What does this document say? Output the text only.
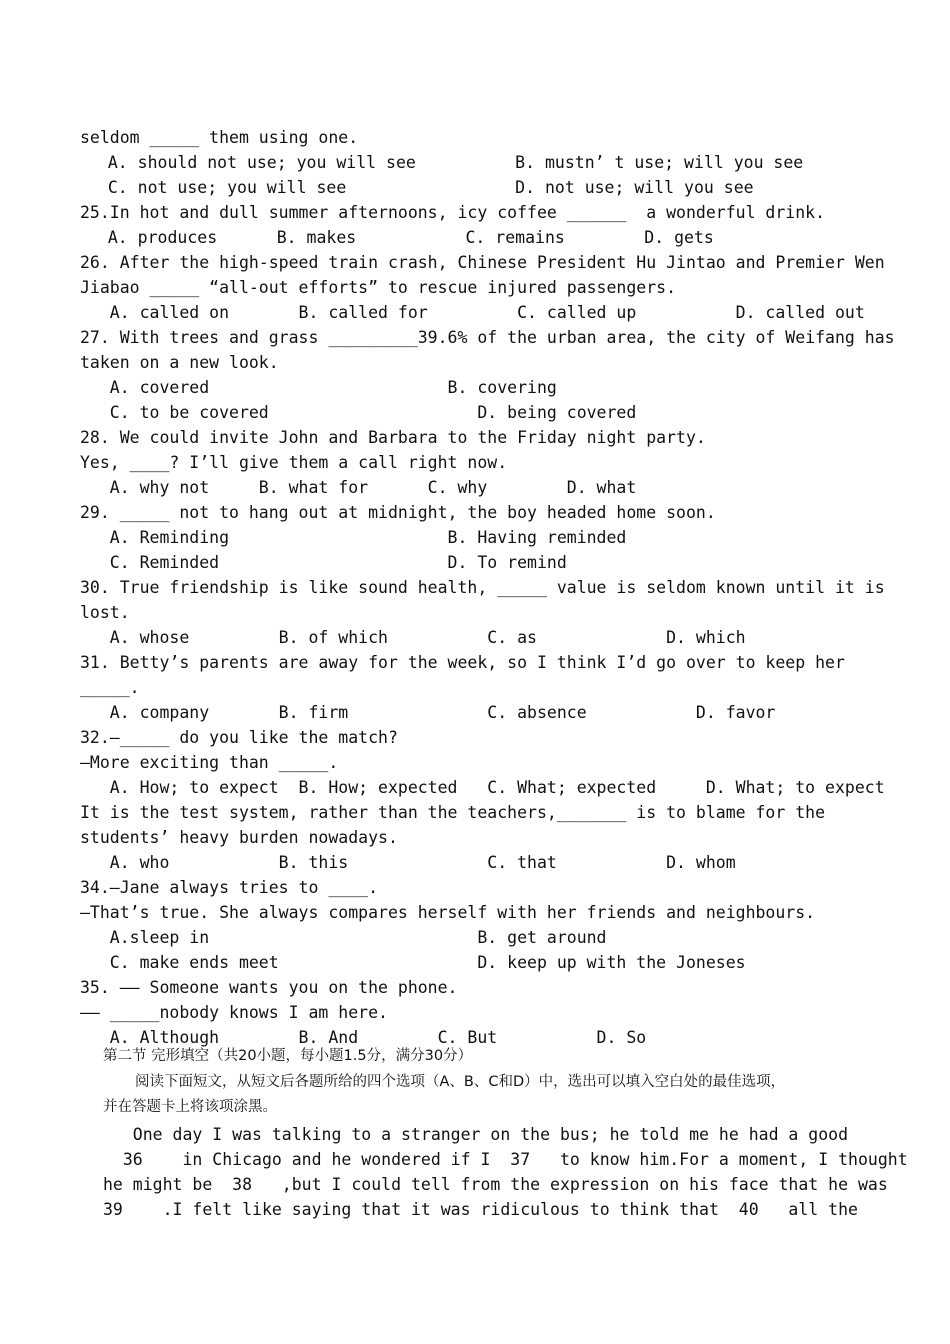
seldom _____ them using one.
A. should not use; you will see          B. mustn’ t use; will you see
C. not use; you will see                 D. not use; will you see
25.In hot and dull summer afternoons, icy coffee ______  a wonderful drink.
A. produces      B. makes           C. remains        D. gets
26. After the high-speed train crash, Chinese President Hu Jintao and Premier Wen
Jiabao _____ “all-out efforts” to rescue injured passengers.
A. called on       B. called for         C. called up          D. called out
27. With trees and grass _________39.6% of the urban area, the city of Weifang has
taken on a new look.
A. covered                        B. covering
C. to be covered                     D. being covered
28. We could invite John and Barbara to the Friday night party.
Yes, ____? I’ll give them a call right now.
A. why not     B. what for      C. why        D. what
29. _____ not to hang out at midnight, the boy headed home soon.
A. Reminding                      B. Having reminded
C. Reminded                       D. To remind
30. True friendship is like sound health, _____ value is seldom known until it is
lost.
A. whose         B. of which          C. as             D. which
31. Betty’s parents are away for the week, so I think I’d go over to keep her
_____.
A. company       B. firm              C. absence           D. favor
32.—_____ do you like the match?
—More exciting than _____.
A. How; to expect  B. How; expected   C. What; expected     D. What; to expect
It is the test system, rather than the teachers,_______ is to blame for the
students’ heavy burden nowadays.
A. who           B. this              C. that           D. whom
34.—Jane always tries to ____.
—That’s true. She always compares herself with her friends and neighbours.
A.sleep in                           B. get around
C. make ends meet                    D. keep up with the Joneses
35. —— Someone wants you on the phone.
—— _____nobody knows I am here.
A. Although        B. And        C. But          D. So
第二节 完形填空（共20小题，每小题1.5分，满分30分）
阅读下面短文，从短文后各题所给的四个选项（A、B、C和D）中，选出可以填入空白处的最佳选项，
并在答题卡上将该项涂黑。
One day I was talking to a stranger on the bus; he told me he had a good
36    in Chicago and he wondered if I  37   to know him.For a moment, I thought
he might be  38   ,but I could tell from the expression on his face that he was
39    .I felt like saying that it was ridiculous to think that  40   all the
